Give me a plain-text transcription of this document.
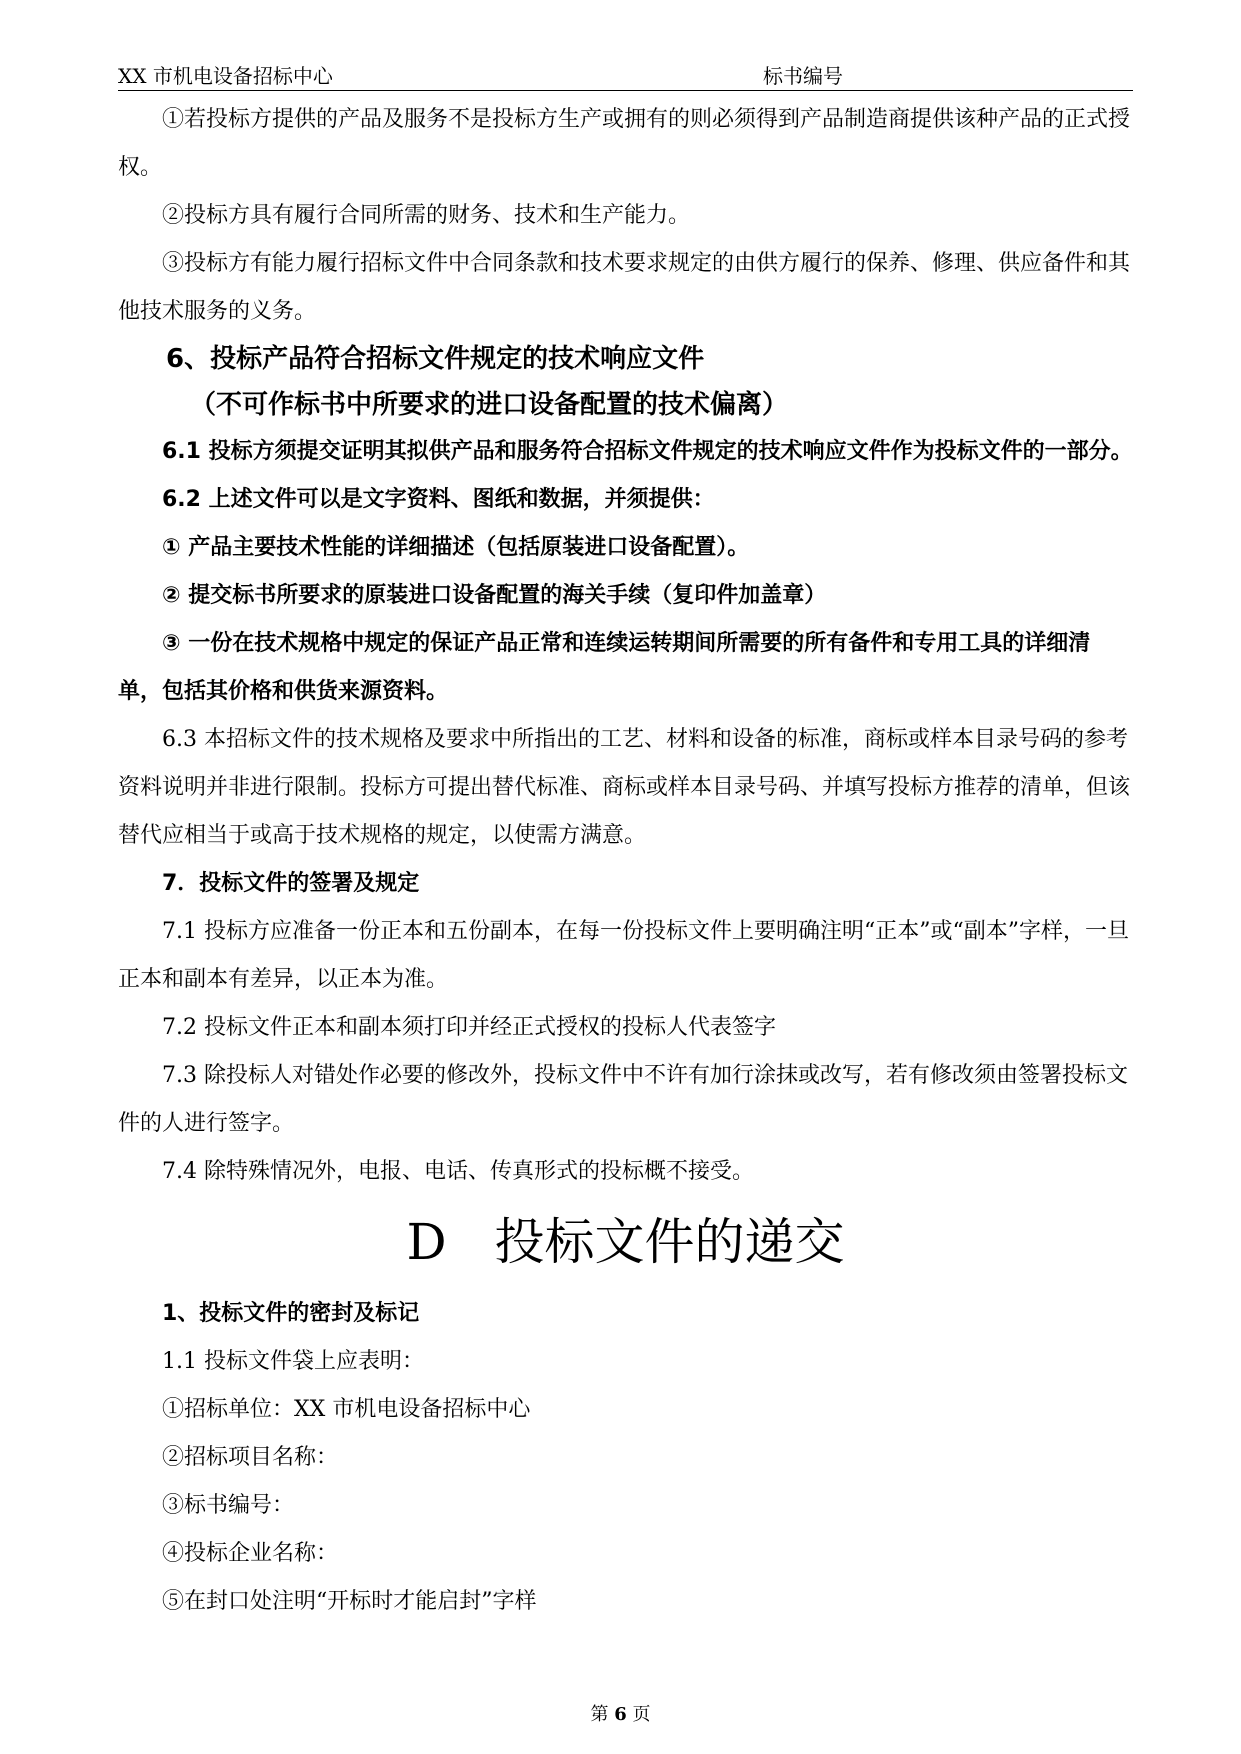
XX 市机电设备招标中心	标书编号

①若投标方提供的产品及服务不是投标方生产或拥有的则必须得到产品制造商提供该种产品的正式授权。

②投标方具有履行合同所需的财务、技术和生产能力。

③投标方有能力履行招标文件中合同条款和技术要求规定的由供方履行的保养、修理、供应备件和其他技术服务的义务。

6、投标产品符合招标文件规定的技术响应文件

（不可作标书中所要求的进口设备配置的技术偏离）

6.1 投标方须提交证明其拟供产品和服务符合招标文件规定的技术响应文件作为投标文件的一部分。

6.2 上述文件可以是文字资料、图纸和数据，并须提供：

① 产品主要技术性能的详细描述（包括原装进口设备配置）。

② 提交标书所要求的原装进口设备配置的海关手续（复印件加盖章）

③ 一份在技术规格中规定的保证产品正常和连续运转期间所需要的所有备件和专用工具的详细清单，包括其价格和供货来源资料。

6.3 本招标文件的技术规格及要求中所指出的工艺、材料和设备的标准，商标或样本目录号码的参考资料说明并非进行限制。投标方可提出替代标准、商标或样本目录号码、并填写投标方推荐的清单，但该替代应相当于或高于技术规格的规定，以使需方满意。

7．投标文件的签署及规定

7.1 投标方应准备一份正本和五份副本，在每一份投标文件上要明确注明“正本”或“副本”字样，一旦正本和副本有差异，以正本为准。

7.2 投标文件正本和副本须打印并经正式授权的投标人代表签字

7.3 除投标人对错处作必要的修改外，投标文件中不许有加行涂抹或改写，若有修改须由签署投标文件的人进行签字。

7.4 除特殊情况外，电报、电话、传真形式的投标概不接受。

D 投标文件的递交

1、投标文件的密封及标记

1.1 投标文件袋上应表明：

①招标单位：XX 市机电设备招标中心

②招标项目名称：

③标书编号：

④投标企业名称：

⑤在封口处注明“开标时才能启封”字样

第 6 页
